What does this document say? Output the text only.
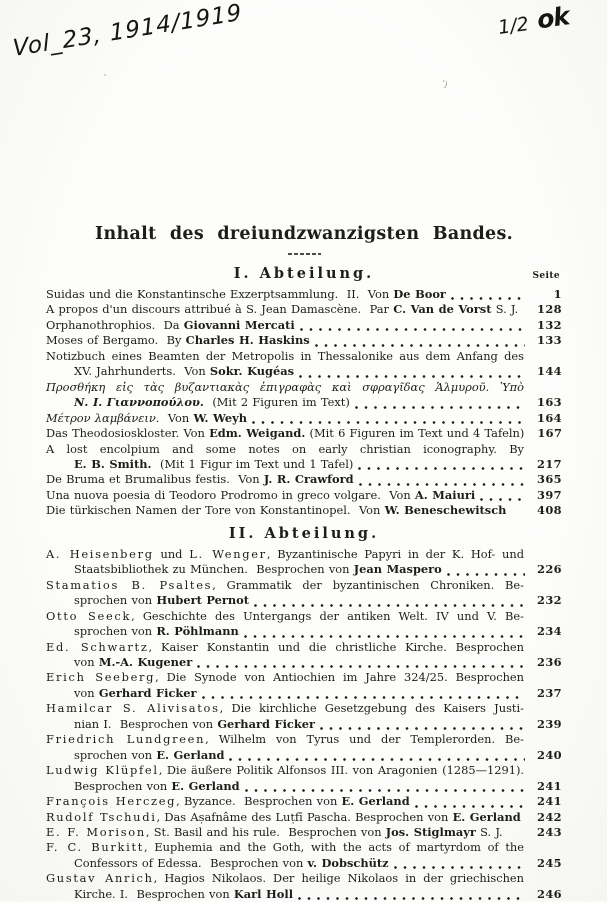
Vol_23, 1914/1919	1/2 ok
’)
Inhalt des dreiundzwanzigsten Bandes.
I. Abteilung.	Seite
Suidas und die Konstantinsche Exzerptsammlung.  II.  Von De Boor	1
A propos d'un discours attribué à S. Jean Damascène.  Par C. Van de Vorst S. J.	128
Orphanothrophios.  Da Giovanni Mercati	132
Moses of Bergamo.  By Charles H. Haskins	133
Notizbuch eines Beamten der Metropolis in Thessalonike aus dem Anfang des
XV. Jahrhunderts.  Von Sokr. Kugéas	144
Προσθήκη εἰς τὰς βυζαντιακὰς ἐπιγραφὰς καὶ σφραγῖδας Ἁλμυροῦ. Ὑπὸ
Ν. Ι. Γιαννοπούλου.  (Mit 2 Figuren im Text)	163
Μέτρον λαμβάνειν.  Von W. Weyh	164
Das Theodosioskloster. Von Edm. Weigand. (Mit 6 Figuren im Text und 4 Tafeln)	167
A lost encolpium and some notes on early christian iconography. By
E. B. Smith.  (Mit 1 Figur im Text und 1 Tafel)	217
De Bruma et Brumalibus festis.  Von J. R. Crawford	365
Una nuova poesia di Teodoro Prodromo in greco volgare.  Von A. Maiuri	397
Die türkischen Namen der Tore von Konstantinopel.  Von W. Beneschewitsch	408
II. Abteilung.
A. Heisenberg und L. Wenger, Byzantinische Papyri in der K. Hof- und
Staatsbibliothek zu München.  Besprochen von Jean Maspero	226
Stamatios B. Psaltes, Grammatik der byzantinischen Chroniken. Be-
sprochen von Hubert Pernot	232
Otto Seeck, Geschichte des Untergangs der antiken Welt. IV und V. Be-
sprochen von R. Pöhlmann	234
Ed. Schwartz, Kaiser Konstantin und die christliche Kirche. Besprochen
von M.-A. Kugener	236
Erich Seeberg, Die Synode von Antiochien im Jahre 324/25. Besprochen
von Gerhard Ficker	237
Hamilcar S. Alivisatos, Die kirchliche Gesetzgebung des Kaisers Justi-
nian I.  Besprochen von Gerhard Ficker	239
Friedrich Lundgreen, Wilhelm von Tyrus und der Templerorden. Be-
sprochen von E. Gerland	240
Ludwig Klüpfel, Die äußere Politik Alfonsos III. von Aragonien (1285—1291).
Besprochen von E. Gerland	241
François Herczeg, Byzance.  Besprochen von E. Gerland	241
Rudolf Tschudi, Das Aṣafnâme des Luṭfī Pascha. Besprochen von E. Gerland	242
E. F. Morison, St. Basil and his rule.  Besprochen von Jos. Stiglmayr S. J.	243
F. C. Burkitt, Euphemia and the Goth, with the acts of martyrdom of the
Confessors of Edessa.  Besprochen von v. Dobschütz	245
Gustav Anrich, Hagios Nikolaos. Der heilige Nikolaos in der griechischen
Kirche. I.  Besprochen von Karl Holl	246
